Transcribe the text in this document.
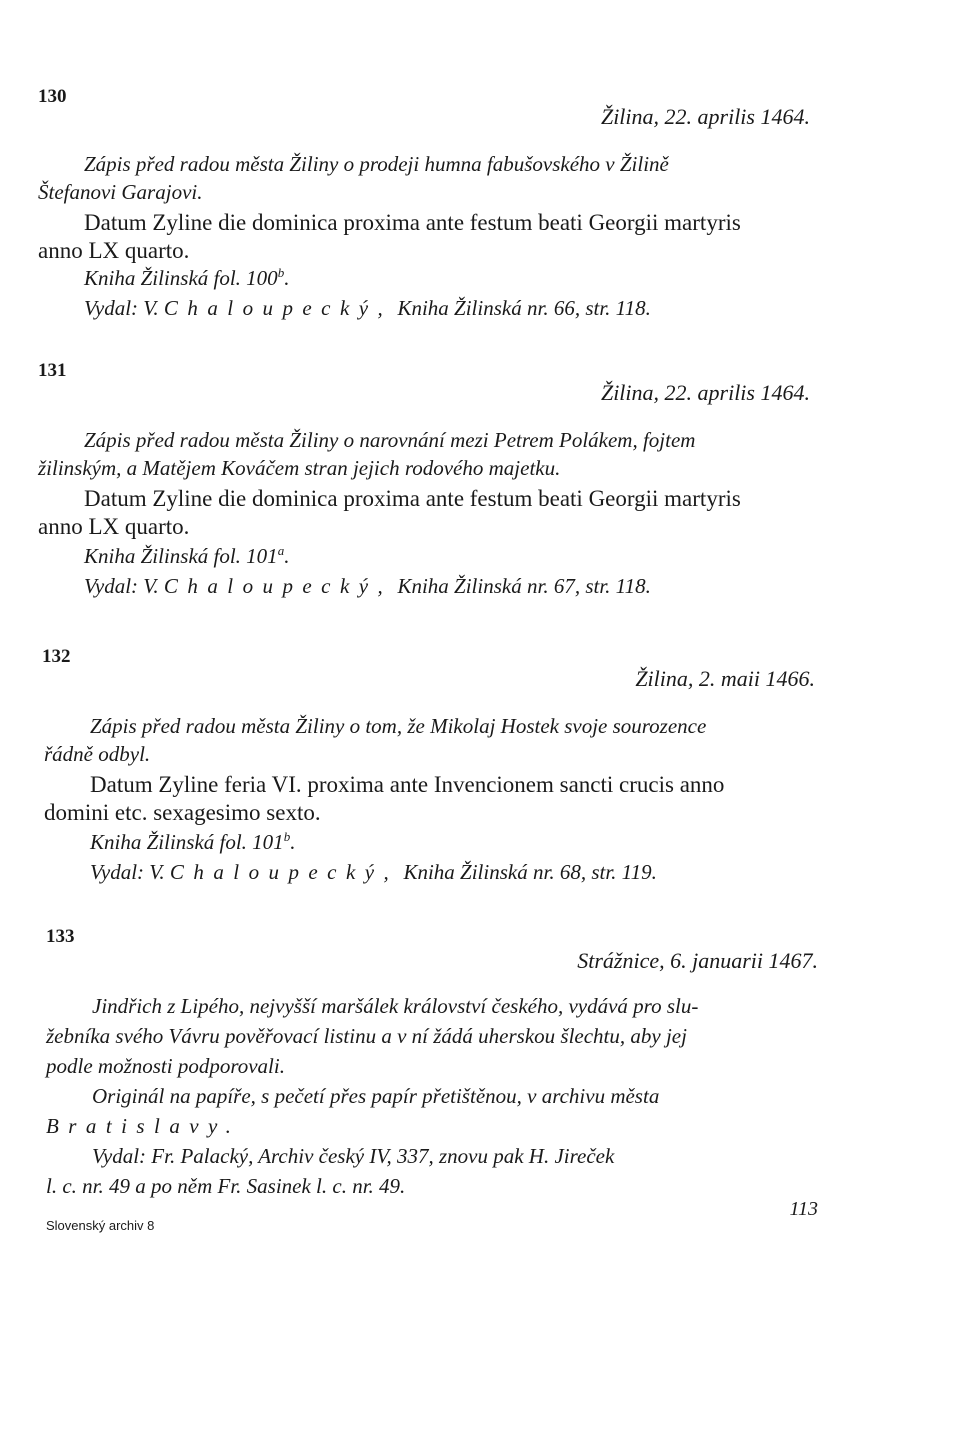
130
Žilina, 22. aprilis 1464.
Zápis před radou města Žiliny o prodeji humna fabušovského v Žilině
Štefanovi Garajovi.
Datum Zyline die dominica proxima ante festum beati Georgii martyris
anno LX quarto.
Kniha Žilinská fol. 100$^b$.
Vydal: V. Chaloupecký, Kniha Žilinská nr. 66, str. 118.
131
Žilina, 22. aprilis 1464.
Zápis před radou města Žiliny o narovnání mezi Petrem Polákem, fojtem
žilinským, a Matějem Kováčem stran jejich rodového majetku.
Datum Zyline die dominica proxima ante festum beati Georgii martyris
anno LX quarto.
Kniha Žilinská fol. 101$^a$.
Vydal: V. Chaloupecký, Kniha Žilinská nr. 67, str. 118.
132
Žilina, 2. maii 1466.
Zápis před radou města Žiliny o tom, že Mikolaj Hostek svoje sourozence
řádně odbyl.
Datum Zyline feria VI. proxima ante Invencionem sancti crucis anno
domini etc. sexagesimo sexto.
Kniha Žilinská fol. 101$^b$.
Vydal: V. Chaloupecký, Kniha Žilinská nr. 68, str. 119.
133
Strážnice, 6. januarii 1467.
Jindřich z Lipého, nejvyšší maršálek království českého, vydává pro slu-
žebníka svého Vávru pověřovací listinu a v ní žádá uherskou šlechtu, aby jej
podle možnosti podporovali.
Originál na papíře, s pečetí přes papír přetištěnou, v archivu města
Bratislavy.
Vydal: Fr. Palacký, Archiv český IV, 337, znovu pak H. Jireček
l. c. nr. 49 a po něm Fr. Sasinek l. c. nr. 49.
Slovenský archiv 8
113
